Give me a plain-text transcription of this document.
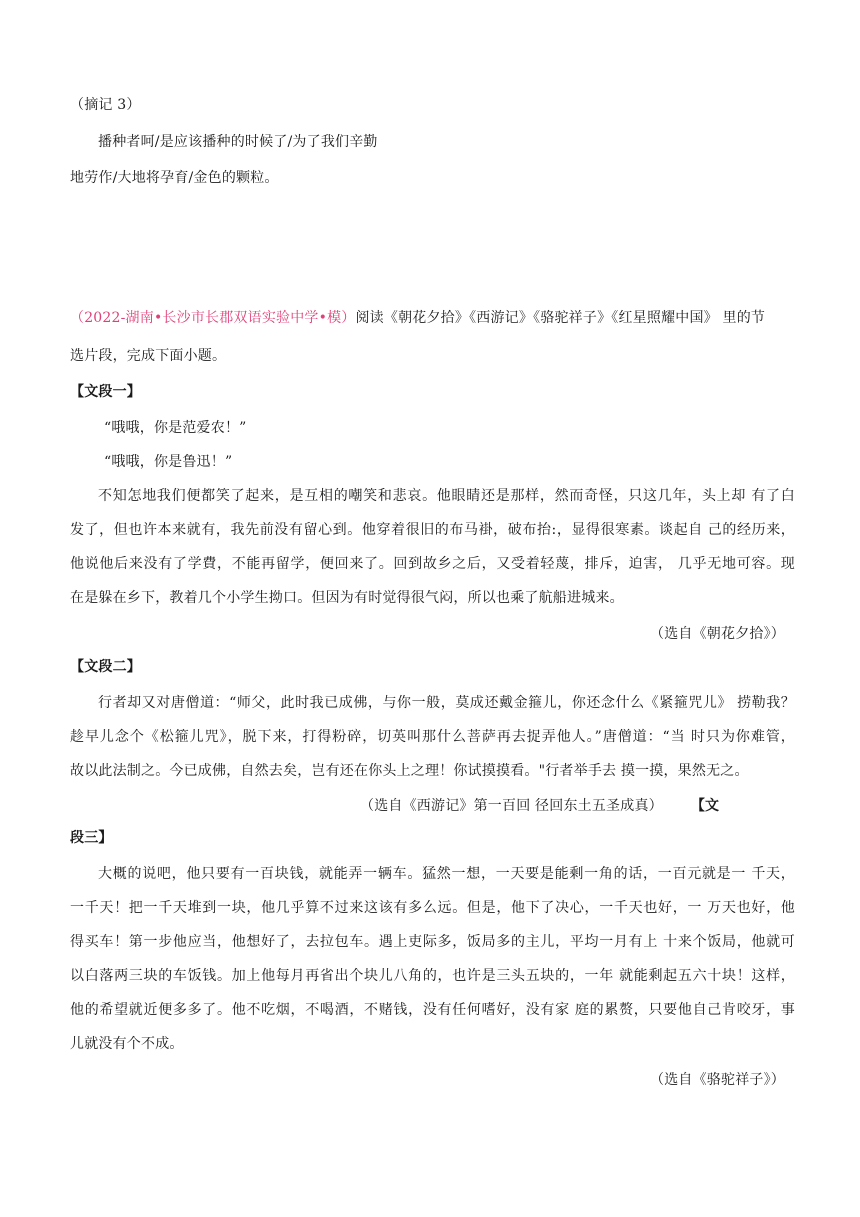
（摘记 3）
播种者呵/是应该播种的时候了/为了我们辛勤
地劳作/大地将孕育/金色的颗粒。
（2022-湖南•长沙市长郡双语实验中学•模）阅读《朝花夕拾》《西游记》《骆驼祥子》《红星照耀中国》 里的节
选片段，完成下面小题。
【文段一】
“哦哦，你是范爱农！”
“哦哦，你是鲁迅！”
不知怎地我们便都笑了起来，是互相的嘲笑和悲哀。他眼睛还是那样，然而奇怪，只这几年，头上却 有了白
发了，但也许本来就有，我先前没有留心到。他穿着很旧的布马褂，破布抬:，显得很寒素。谈起自 己的经历来，
他说他后来没有了学費，不能再留学，便回来了。回到故乡之后，又受着轻蔑，排斥，迫害， 几乎无地可容。现
在是躲在乡下，教着几个小学生拗口。但因为有时觉得很气闷，所以也乘了航船进城来。
（选自《朝花夕拾》）
【文段二】
行者却又对唐僧道：“师父，此时我已成佛，与你一般，莫成还戴金箍儿，你还念什么《紧箍咒儿》 捞勒我？
趁早儿念个《松箍儿咒》，脱下来，打得粉碎，切英叫那什么菩萨再去捉弄他人。”唐僧道：“当 时只为你难管，
故以此法制之。今已成佛，自然去矣，岂有还在你头上之理！你试摸摸看。"行者举手去 摸一摸，果然无之。
（选自《西游记》第一百回 径回东土五圣成真） 【文
段三】
大概的说吧，他只要有一百块钱，就能弄一辆车。猛然一想，一天要是能剩一角的话，一百元就是一 千天，
一千天！把一千天堆到一块，他几乎算不过来这该有多么远。但是，他下了决心，一千天也好，一 万天也好，他
得买车！第一步他应当，他想好了，去拉包车。遇上吏际多，饭局多的主儿，平均一月有上 十来个饭局，他就可
以白落两三块的车饭钱。加上他每月再省出个块儿八角的，也许是三头五块的，一年 就能剩起五六十块！这样，
他的希望就近便多多了。他不吃烟，不喝酒，不赌钱，没有任何嗜好，没有家 庭的累赘，只要他自己肯咬牙，事
儿就没有个不成。
（选自《骆驼祥子》）
